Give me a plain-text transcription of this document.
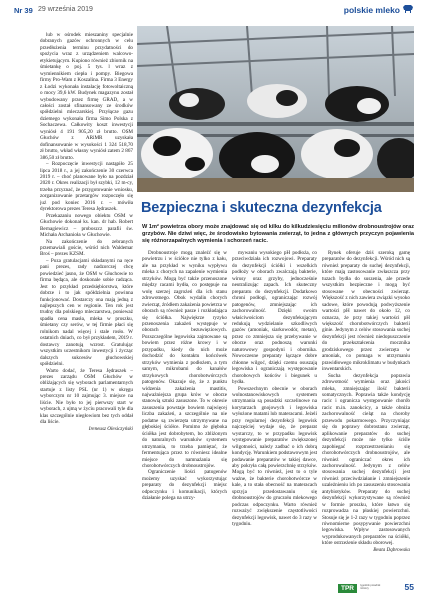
Nr 39 29 września 2019	polskie mleko

lub w ośrodek mieszaniny specjalnie dobranych gazów ochronnych w celu przedłużenia terminu przydatności do spożycia wraz z urządzeniem walcowo-etykietującym. Kupiono również zbiornik na śmietankę o poj. 5 tys. l wraz z wymiennikiem ciepła i pompy. Biegowa firmy Pro-Wam z Koszalina. Firma 3 Energy z Łodzi wykonała instalację fotowoltaiczną o mocy 39,6 kW. Budynek magazynu został wybudowany przez firmę GRAD, a w całości został sfinansowany ze środków spółdzielni mleczarskiej. Przyłącze gazu dziemego wykonała firma Simo Polska z Sochaczewa. Całkowity koszt inwestycji wyniósł 4 191 905,20 zł brutto. OSM Głuchów z ARiMR uzyskała dofinansowanie w wysokości 1 324 518,70 zł brutto, wkład własny wyniósł zatem 2 867 386,50 zł brutto.

– Rozpoczęcie inwestycji nastąpiło 25 lipca 2018 r., a jej zakończenie 30 czerwca 2019 r. – choć planowane było na pozdział 2020 r. Okres realizacji był szybki, 12 m-cy, trzeba przyznać, że przygotowanie wniosku, zorganizowanie przetargów rozpoczęło się już pod koniec 2016 r. – mówiła dyrektorowa prezes Teresa Jędraszek.

Przekazaniu nowego obiektu OSM w Głuchowie dokonał ks. kan. dr hab. Robert Bernagiewicz – proboszcz parafii św. Michała Archanioła w Głuchowie.

Na zakończenie do zebranych przemawiali goście, wśród nich Waldemar Broś – prezes KZSM.

– Poza gratulacjami składanymi na ręce pani prezes, rady nadzorczej chcę powiedzieć jasno, że OSM w Głuchowie to firma będąca, ale doskonale sobie radząca. Jest to przykład przedsiębiorstwa, które dobrze i to jak spółdzielnia powinna funkcjonować. Dostarczy ona mają jedną z najlepszych cen w regionie. Ten rok jest trudny dla polskiego mleczarstwa, ponieważ spadła cena masła, mleka w proszku, śmietany czy serów, w tej firmie płaci się rolnikom nadal więcej i stale rosło. W ostatnich dniach, co był przykładem, 2019 r. dostawcy zanotują wzrost. Gratulując wszystkim uczestnikom inwestycji i życząc dalszych sukcesów głuchowskiej spółdzielni.

Warto dodać, że Teresa Jędraszek – prezes zarządu OSM Głuchów w obliżających się wyborach parlamentarnych startuje z listy PSL (nr 1) w okręgu wyborczym nr 10 zajmując 3. miejsce na liście. Nie było to jej pierwszy start w wyborach, z ujmą w życiu pracowali tyle dla klas szczególnie niegłowiom bez tych oddał dla liście.

Ireneusz Olesiczyński

Bezpieczna i skuteczna dezynfekcja
W 1m² powietrza obory może znajdować się od kilku do kilkudziesięciu milionów drobnoustrojów oraz grzybów. Nie dziwi więc, że środowisko bytowania zwierząt, to jedna z głównych przyczyn pojawienia się różnorzapalnych wymienia i schorzeń racic.

Drobnoustroje mogą znaleźć się w powietrzu i w ściółce nie tylko z kału, ale na przykład w wyniku wypływu mleka z chorych na zapalenie wymienia strzyków. Mogą być także przenoszone między racami bydła, co postępuje na wolę szerzej zagrożeń dla ich stanu zdrowotnego. Obok wydalin chorych zwierząt, źródłem zakażenia powietrza w oborach są również pasze i rozkładająca się ściółka. Najwiękrze ryzyko przenoszenia zakażeń występuje w oborach bezuwięziowych. Pozszczególne legowiska zajmowane są bowiem przez różne krowy i w przypadku, kiedy do nich może dochodzić do kontaktu końcówek strzyków wymienia z podłożem, a tym samym, mikrobami do kanałów strzykowych chorobotwórczych patogenów. Okazuje się, że z punktu widzenia zakażenia mastitis, najważniejsza grupa krów w oborze stanowią sztuki zasuszone. To w okresie zasuszenia powstaje bowiem najwięcej liczba zakażeń, a szczególnie na nie podatne są zwierzęta utrzymywane na głębokiej ściółce. Pomimo że głęboka ściółka jest dobrobytem, bo zbliżonym do naturalnych warunków systemem utrzymania, to trzeba pamiętać, że fermentująca przez to równiesz idealne miejsce do namnażania się chorobotwórczych drobnoustrojów.

Ograniczenie liości patogenów możemy uzyskać wykorzystując preparaty do dezynfekcji miejsc odpoczynku i komunikacji, których działanie polega na utrzy-

mywaniu wysokiego pH podłoża, co przeciwdziała ich rozwojowi. Preparaty do dezynfekcji ściółki i wszelkich podłoży w oborach zwalczają bakterie, wirusy oraz grzyby, jednocześnie neutralizując zapach. Ich skuteczny preparatu do dezynfekcji. Dodatkowo chroni podłogi, ograniczając rozwój patogenów, zmniejszając ich zachorowalność. Dzięki swoim właściwościom dezynfekującym redukują wydzielanie szkodliwych gazów (amoniak, siarkowodór, metan), przez co zmniejsza się przebywanie w oborze oraz podnoszą warunki naturowowy gospodyni i obornika. Nowoczesne preparaty łączące dobre chłonne wilgoć, dzięki czemu osuszają legowiska i ograniczają występowanie chorobowych końców i biegunek u bydła.

Powszechnym obecnie w oborach wolnostanowiskowych systemem utrzymania są posadzki szczelinowe na korytarzach gnojowych i legowiska wyłożone matami lub materacami. Jeżeli przy regularnej dezynfekcji legowisk najczęściej wydaje się, że preparat wystarczy, to w przypadku legowisk występowanie preparatów zwiększonej wilgotności, należy zadbać o ich dobrą kondycję. Warunkiem podstawowym jest podawanie preparatów w takiej dawce, aby pokryła całą powierzchnię strzyków. Mogą być to również, jest to o tyle ważne, że bakterie chorobotwórcze w kale, a to stała obecność na materacach sprzyja przedostawaniu się drobnoustrojów do gruczołu mlekowego podczas odpoczynku. Warto również rozważyć zwiększenie częstotliwości dezynfekcji legowisk, nawet do 3 razy w tygodniu.

Rynek oferuje dziś szeroką gamę preparatów do dezynfekcji. Wśród nich są również preparaty do suchej dezynfekcji, które mają zastosowanie zwłaszcza przy tuzach bydła do suszenia, ale przede wszystkim bezpieczne i mogą być stosowane w obecności zwierząt. Większość z nich zawiera związki wysoko sadowe, które powodują podwyższenie wartości pH nawet do około 12, co oznacza, że przy takiej wartości pH większość chorobotwórczych bakterii ginie. Jedynym z celów stosowania suchej dezynfekcji jest również niedopuszczenie do przekształcenia mocznika grodziskowego przez zwierzęta w amoniak, co pomaga w utrzymaniu prawidłowego mikroklimatu w budynkach inwentarskich.

Sucha dezynfekcja poprawia zdrowotność wymienia oraz jakości mleka, zmniejszając ilość bakterii somatycznych. Poprawia także kondycję racic i ogranicza występowanie chorób racic m.in. zanokcicy, a także obniża zachorowalność cieląt na choroby przewodu pokarmowego. Przyczyniając się do poprawy dobrostanu zwierząt, aplikowanie preparatów do suchej dezynfekcji może nie tylko ściśle zapobiegać rozprzestrzenianiu się chorobotwórczych drobnoustrojów, ale również ograniczać okres ich zachorowalność. Jedynym z celów stosowania suchej dezynfekcji jest również przeciwdziałanie i zmniejszenie uzależnieniu ich po zasuszeniu stosowania antybiotyków. Preparaty do suchej dezynfekcji wykorzystywane są również w formie proszku, które łatwo się rozprowadza na płaskiej powierzchni. Stosuje się je 1-2 razy w tygodniu poprzez równomierne posypywanie powierzchni legowiska. Wpływ zastosowanych wyprodukowanych preparatów na ściółki, które ostrzeżenie składu oborowej.

Beata Dąbrowska

TPR	tygodnik poradnik rolniczy	55
